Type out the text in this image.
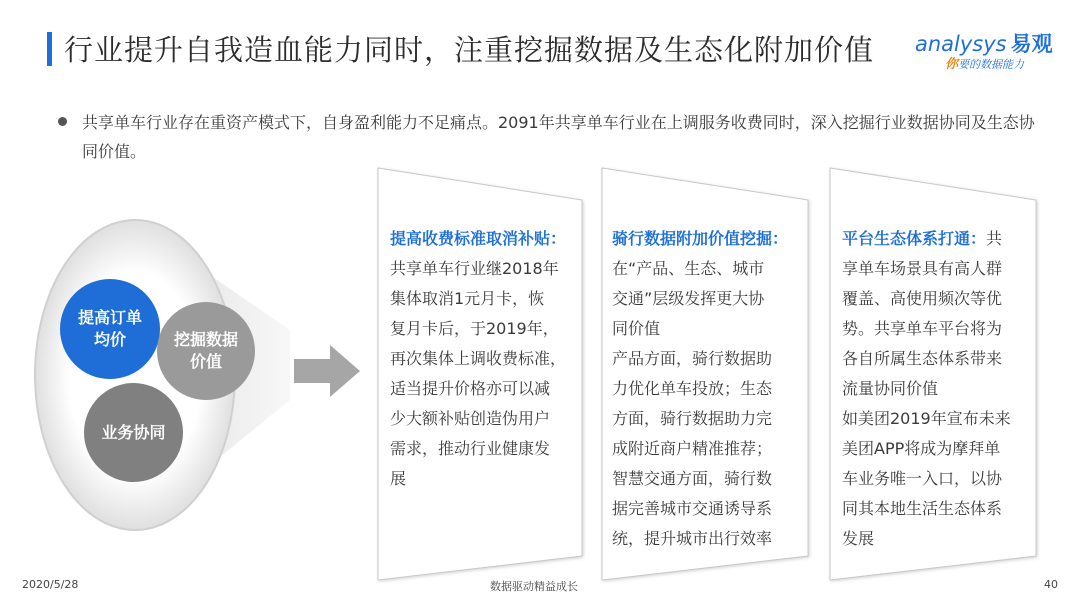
行业提升自我造血能力同时，注重挖掘数据及生态化附加价值 analysys 易观
你要的数据能力
共享单车行业存在重资产模式下，自身盈利能力不足痛点。2091年共享单车行业在上调服务收费同时，深入挖掘行业数据协同及生态协同价值。
提高订单
均价	挖掘数据
价值
业务协同
提高收费标准取消补贴：
共享单车行业继2018年
集体取消1元月卡，恢
复月卡后，于2019年，
再次集体上调收费标准，
适当提升价格亦可以减
少大额补贴创造伪用户
需求，推动行业健康发
展
骑行数据附加价值挖掘：
在“产品、生态、城市
交通”层级发挥更大协
同价值
产品方面，骑行数据助
力优化单车投放；生态
方面，骑行数据助力完
成附近商户精准推荐；
智慧交通方面，骑行数
据完善城市交通诱导系
统，提升城市出行效率
平台生态体系打通：共
享单车场景具有高人群
覆盖、高使用频次等优
势。共享单车平台将为
各自所属生态体系带来
流量协同价值
如美团2019年宣布未来
美团APP将成为摩拜单
车业务唯一入口，以协
同其本地生活生态体系
发展
2020/5/28	数据驱动精益成长	40
